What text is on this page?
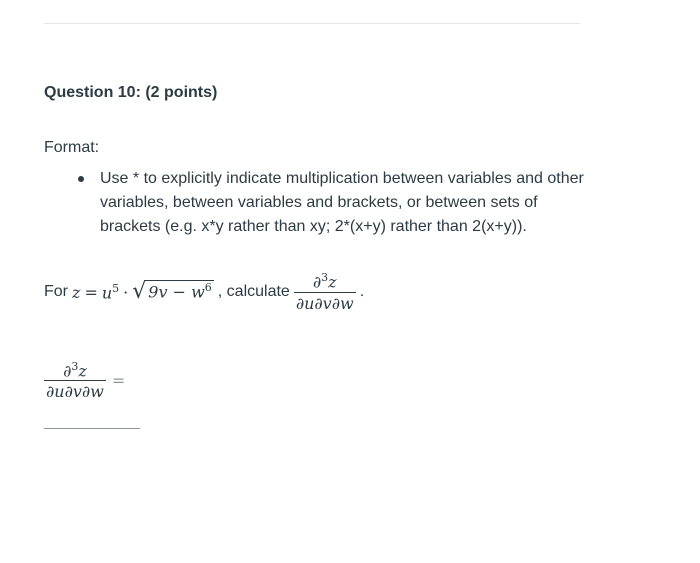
Question 10: (2 points)
Format:
Use * to explicitly indicate multiplication between variables and other variables, between variables and brackets, or between sets of brackets (e.g. x*y rather than xy; 2*(x+y) rather than 2(x+y)).
For $z = u^5$ · √ $9v - w^6$ , calculate $\frac{\partial^3z}{\partial u\partial v\partial w}$ .
$\frac{\partial^3z}{\partial u\partial v\partial w}$ =
